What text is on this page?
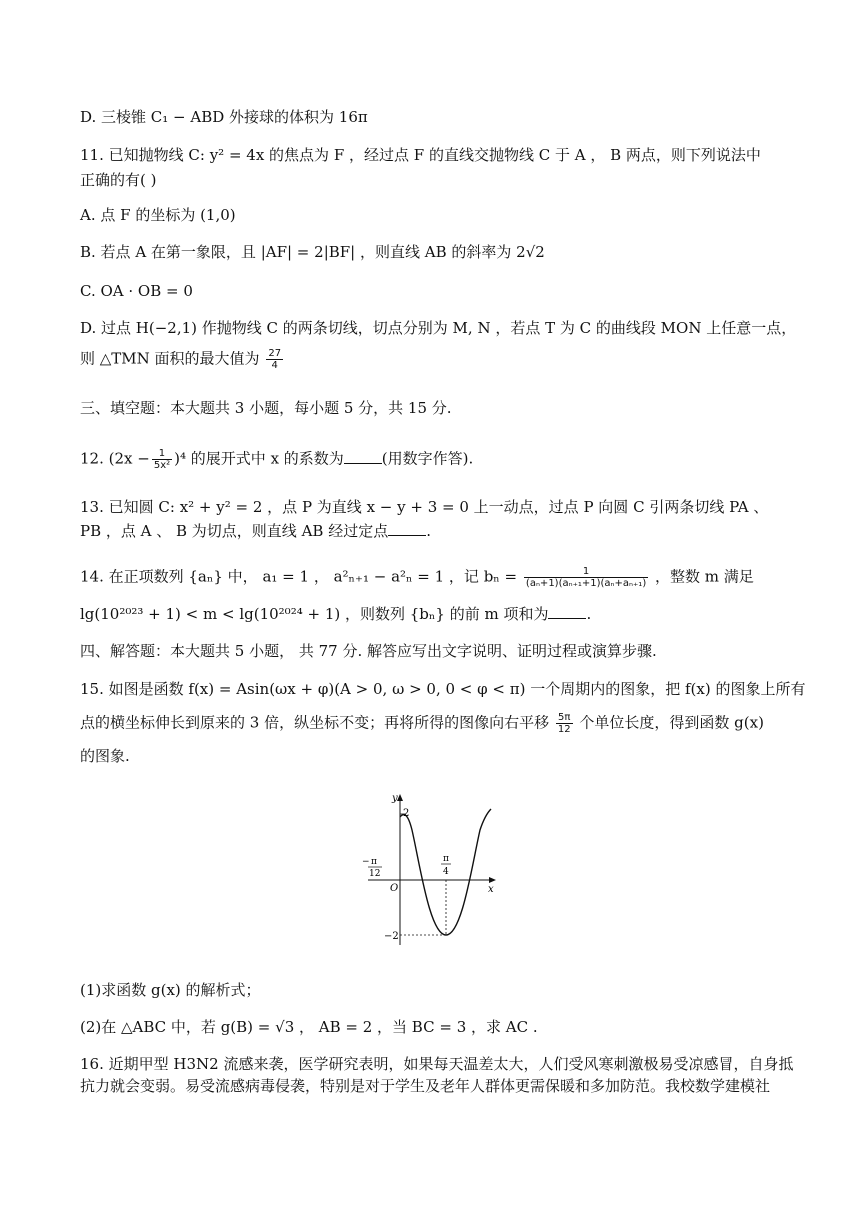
D. 三棱锥 C₁ − ABD 外接球的体积为 16π
11. 已知抛物线 C: y² = 4x 的焦点为 F ，经过点 F 的直线交抛物线 C 于 A ， B 两点，则下列说法中
正确的有( )
A. 点 F 的坐标为 (1,0)
B. 若点 A 在第一象限，且 |AF| = 2|BF| ，则直线 AB 的斜率为 2√2
C. OA · OB = 0
D. 过点 H(−2,1) 作抛物线 C 的两条切线，切点分别为 M, N ，若点 T 为 C 的曲线段 MON 上任意一点，
则 △TMN 面积的最大值为 $\frac{27}{4}$
三、填空题：本大题共 3 小题，每小题 5 分，共 15 分.
12. $(2x - \frac{1}{\text{5x²}} )^4$ 的展开式中 x 的系数为	(用数字作答).
13. 已知圆 C: x² + y² = 2 ，点 P 为直线 x − y + 3 = 0 上一动点，过点 P 向圆 C 引两条切线 PA 、
PB ，点 A 、 B 为切点，则直线 AB 经过定点	.
14. 在正项数列 {aₙ} 中， a₁ = 1 ， a²ₙ₊₁ − a²ₙ = 1 ，记 $b_n = \frac{1}{\text{(aₙ+1)(aₙ₊₁+1)(aₙ+aₙ₊₁)}}$ ，整数 m 满足
lg(10²⁰²³ + 1) < m < lg(10²⁰²⁴ + 1) ，则数列 {bₙ} 的前 m 项和为	.
四、解答题：本大题共 5 小题， 共 77 分. 解答应写出文字说明、证明过程或演算步骤.
15. 如图是函数 f(x) = Asin(ωx + φ)(A > 0, ω > 0, 0 < φ < π) 一个周期内的图象，把 f(x) 的图象上所有
点的横坐标伸长到原来的 3 倍，纵坐标不变；再将所得的图像向右平移 $\frac{5\pi}{12}$ 个单位长度，得到函数 g(x)
的图象.
y
x
O
2
−2
− π
12
π
4
(1)求函数 g(x) 的解析式；
(2)在 △ABC 中，若 g(B) = √3 ， AB = 2 ，当 BC = 3 ，求 AC .
16. 近期甲型 H3N2 流感来袭，医学研究表明，如果每天温差太大，人们受风寒刺激极易受凉感冒，自身抵
抗力就会变弱。易受流感病毒侵袭，特别是对于学生及老年人群体更需保暖和多加防范。我校数学建模社
